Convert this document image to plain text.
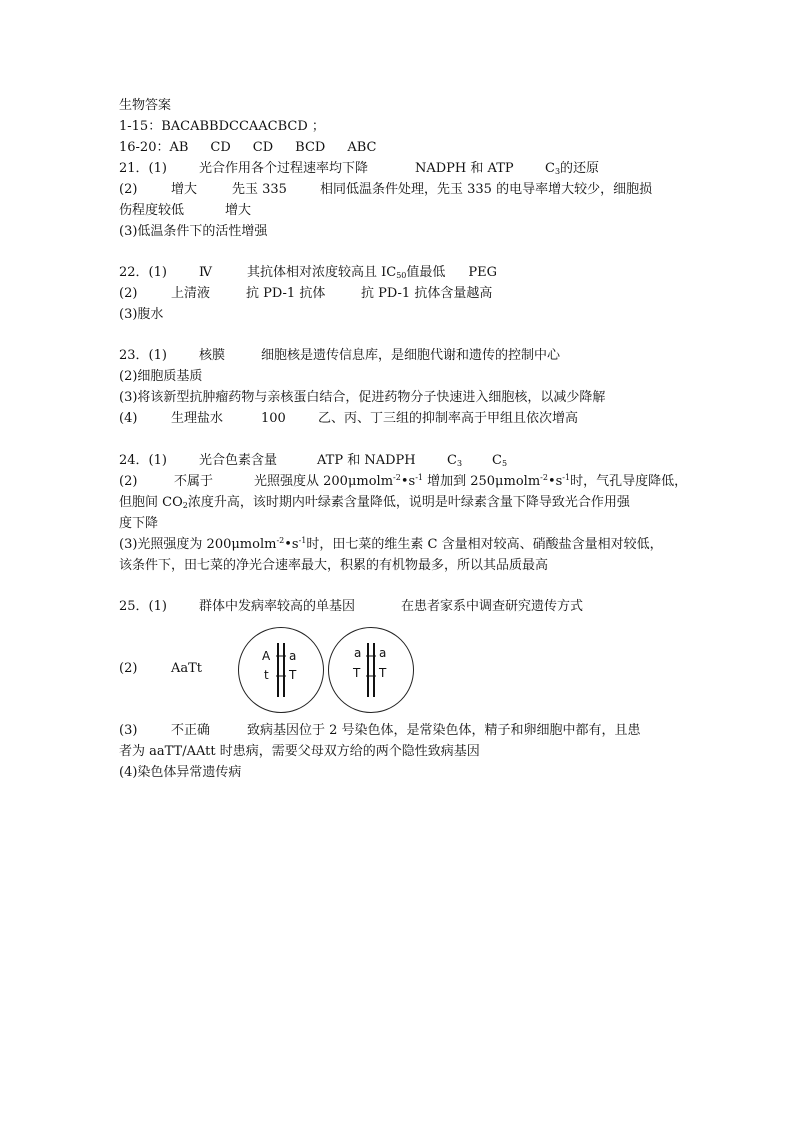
生物答案
1-15：BACABBDCCAACBCD ；
16-20：AB CD CD BCD ABC
21．(1) 光合作用各个过程速率均下降	NADPH 和 ATP $C_3$的还原
(2)	增大	先玉 335	相同低温条件处理，先玉 335 的电导率增大较少，细胞损
伤程度较低	增大
(3)低温条件下的活性增强
22．(1) Ⅳ	其抗体相对浓度较高且 $IC_{50}$值最低 PEG
(2)	上清液	抗 PD-1 抗体	抗 PD-1 抗体含量越高
(3)腹水
23．(1) 核膜	细胞核是遗传信息库，是细胞代谢和遗传的控制中心
(2)细胞质基质
(3)将该新型抗肿瘤药物与亲核蛋白结合，促进药物分子快速进入细胞核，以减少降解
(4)	生理盐水	100 乙、丙、丁三组的抑制率高于甲组且依次增高
24．(1) 光合色素含量	ATP 和 NADPH $C_3$ $C_5$
(2)	不属于	光照强度从 $200\mu molm^{-2}•s^{-1}$ 增加到 $250\mu molm^{-2}•s^{-1}$时，气孔导度降低，
但胞间 $CO_2$浓度升高，该时期内叶绿素含量降低，说明是叶绿素含量下降导致光合作用强
度下降
(3)光照强度为 $200\mu molm^{-2}•s^{-1}$时，田七菜的维生素 C 含量相对较高、硝酸盐含量相对较低，
该条件下，田七菜的净光合速率最大，积累的有机物最多，所以其品质最高
25．(1) 群体中发病率较高的单基因	在患者家系中调查研究遗传方式
(2)	AaTt
A a
t T
a a
T T
(3)	不正确	致病基因位于 2 号染色体，是常染色体，精子和卵细胞中都有，且患
者为 aaTT/AAtt 时患病，需要父母双方给的两个隐性致病基因
(4)染色体异常遗传病
